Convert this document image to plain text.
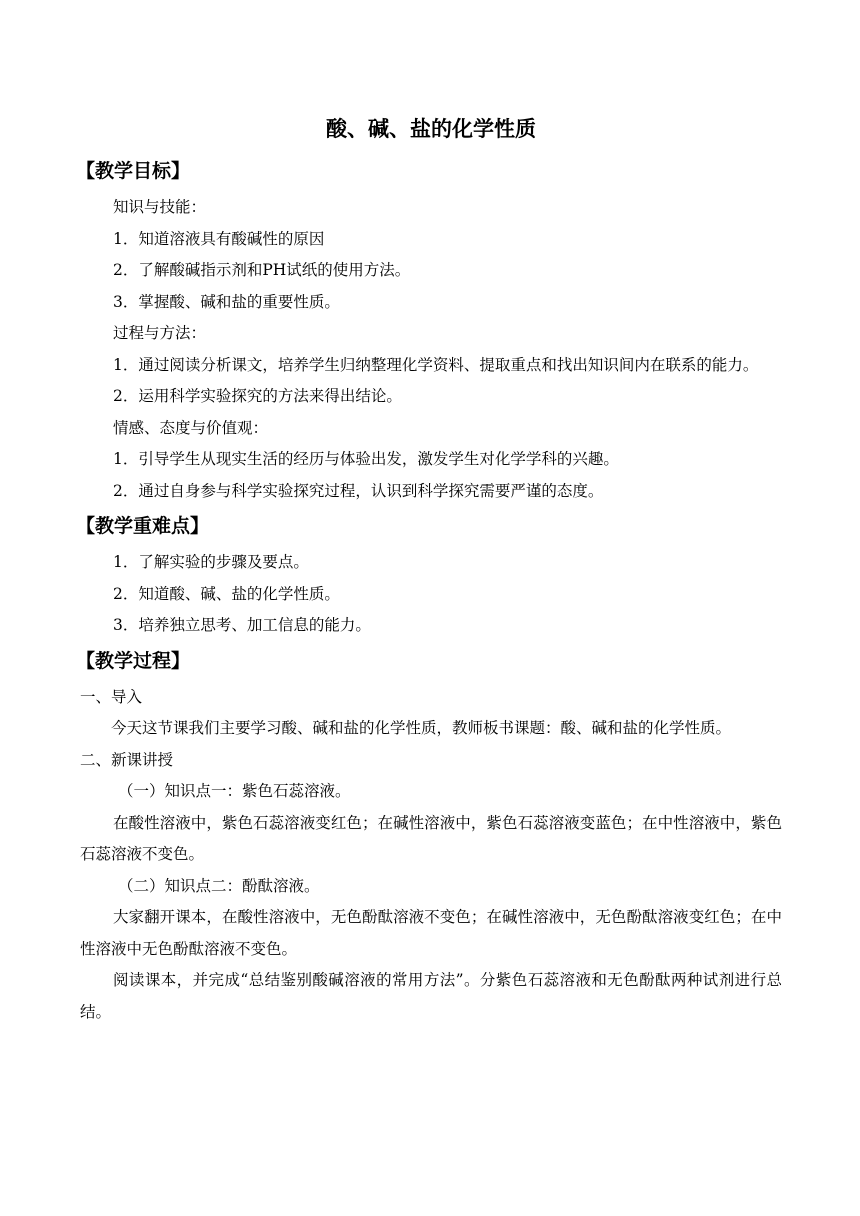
酸、碱、盐的化学性质
【教学目标】

知识与技能：

1．知道溶液具有酸碱性的原因

2．了解酸碱指示剂和PH试纸的使用方法。

3．掌握酸、碱和盐的重要性质。

过程与方法：

1．通过阅读分析课文，培养学生归纳整理化学资料、提取重点和找出知识间内在联系的能力。

2．运用科学实验探究的方法来得出结论。

情感、态度与价值观：

1．引导学生从现实生活的经历与体验出发，激发学生对化学学科的兴趣。

2．通过自身参与科学实验探究过程，认识到科学探究需要严谨的态度。

【教学重难点】

1．了解实验的步骤及要点。

2．知道酸、碱、盐的化学性质。

3．培养独立思考、加工信息的能力。

【教学过程】

一、导入

今天这节课我们主要学习酸、碱和盐的化学性质，教师板书课题：酸、碱和盐的化学性质。

二、新课讲授

（一）知识点一：紫色石蕊溶液。

在酸性溶液中，紫色石蕊溶液变红色；在碱性溶液中，紫色石蕊溶液变蓝色；在中性溶液中，紫色石蕊溶液不变色。

（二）知识点二：酚酞溶液。

大家翻开课本，在酸性溶液中，无色酚酞溶液不变色；在碱性溶液中，无色酚酞溶液变红色；在中性溶液中无色酚酞溶液不变色。

阅读课本，并完成“总结鉴别酸碱溶液的常用方法”。分紫色石蕊溶液和无色酚酞两种试剂进行总结。
